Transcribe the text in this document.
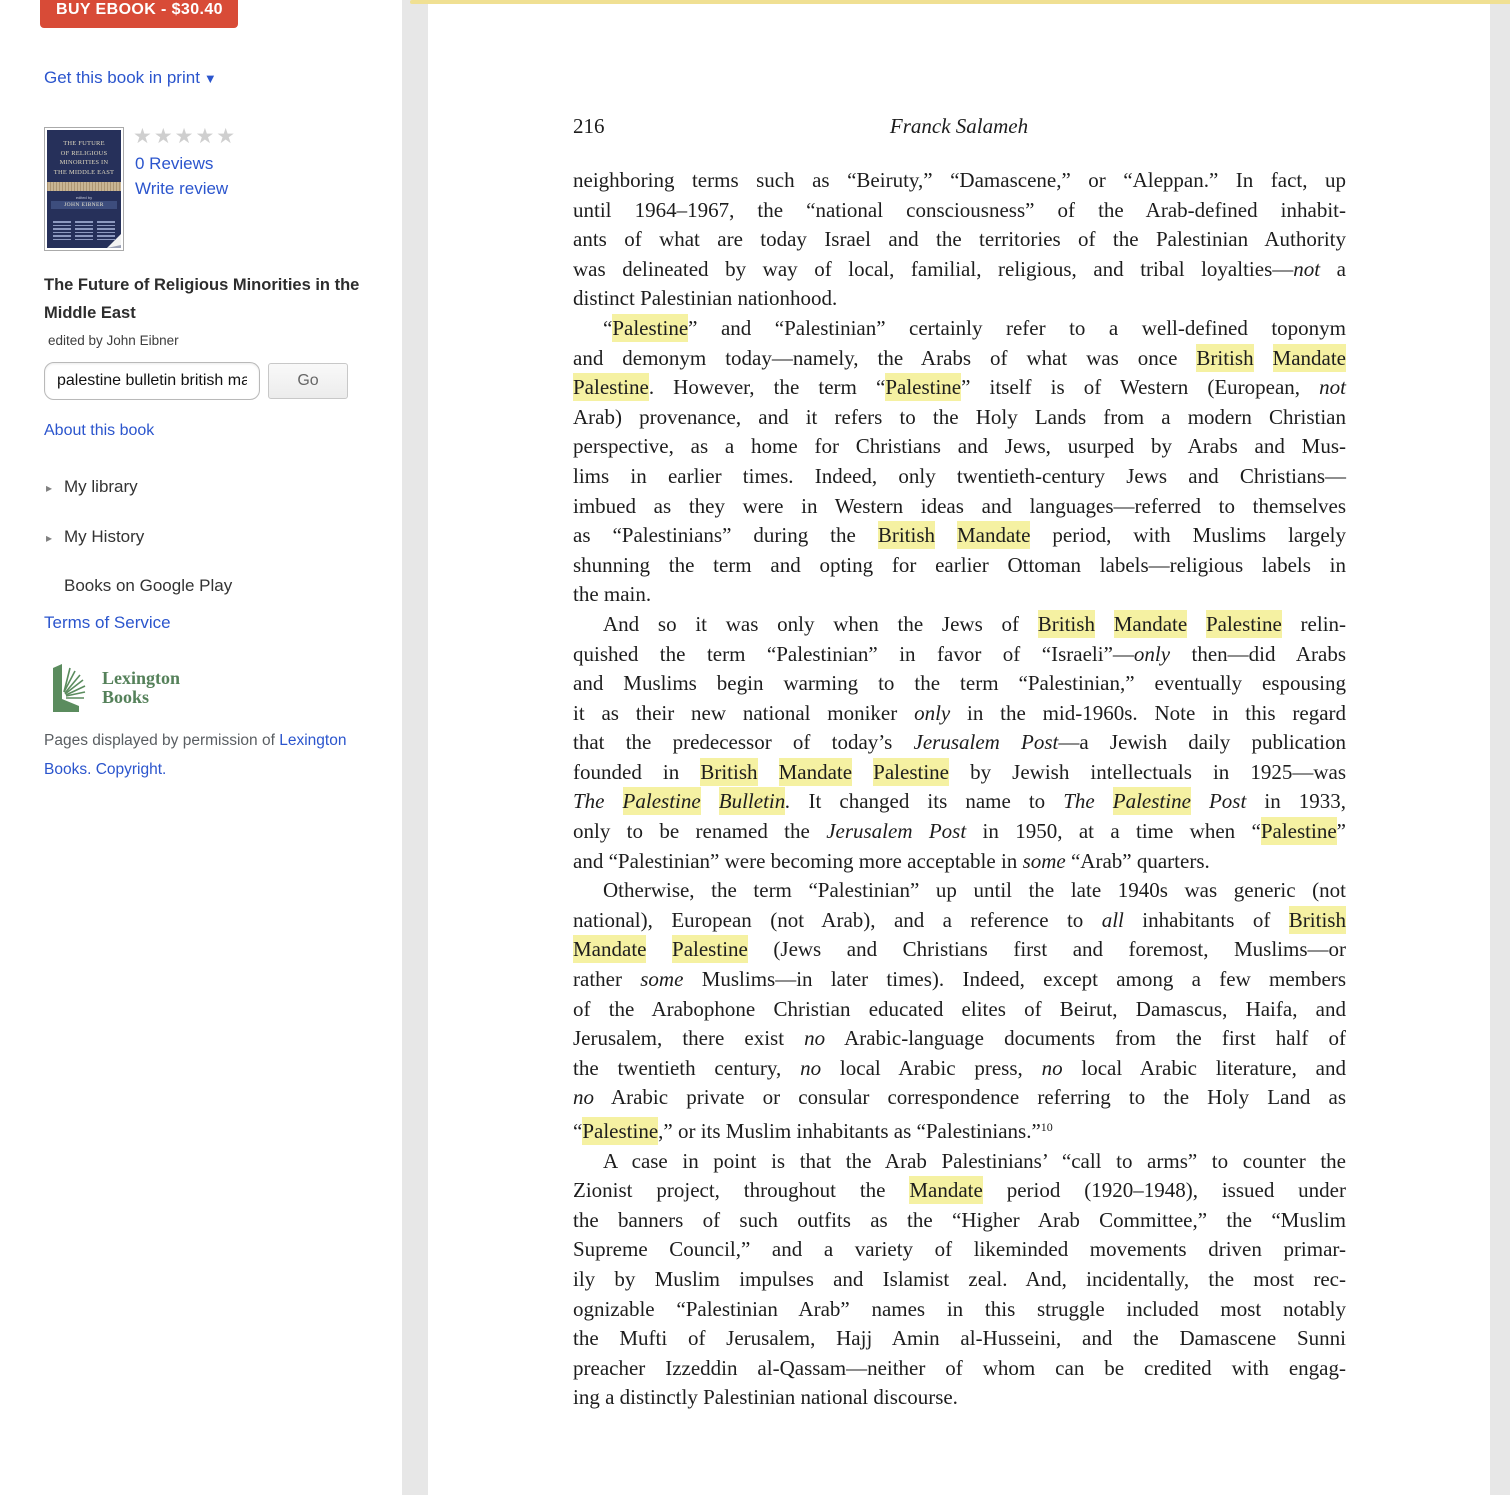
BUY EBOOK - $30.40
Get this book in print ▼
THE FUTURE
OF RELIGIOUS
MINORITIES IN
THE MIDDLE EAST
edited by
JOHN EIBNER
★★★★★
0 Reviews
Write review
The Future of Religious Minorities in the Middle East
edited by John Eibner
palestine bulletin british mandate
Go
About this book
▸ My library
▸ My History
Books on Google Play
Terms of Service
Lexington
Books
Pages displayed by permission of Lexington Books. Copyright.
216	Franck Salameh
neighboring terms such as “Beiruty,” “Damascene,” or “Aleppan.” In fact, up
until 1964–1967, the “national consciousness” of the Arab-defined inhabit-
ants of what are today Israel and the territories of the Palestinian Authority
was delineated by way of local, familial, religious, and tribal loyalties—not a
distinct Palestinian nationhood.
“Palestine” and “Palestinian” certainly refer to a well-defined toponym
and demonym today—namely, the Arabs of what was once British Mandate
Palestine. However, the term “Palestine” itself is of Western (European, not
Arab) provenance, and it refers to the Holy Lands from a modern Christian
perspective, as a home for Christians and Jews, usurped by Arabs and Mus-
lims in earlier times. Indeed, only twentieth-century Jews and Christians—
imbued as they were in Western ideas and languages—referred to themselves
as “Palestinians” during the British Mandate period, with Muslims largely
shunning the term and opting for earlier Ottoman labels—religious labels in
the main.
And so it was only when the Jews of British Mandate Palestine relin-
quished the term “Palestinian” in favor of “Israeli”—only then—did Arabs
and Muslims begin warming to the term “Palestinian,” eventually espousing
it as their new national moniker only in the mid-1960s. Note in this regard
that the predecessor of today’s Jerusalem Post—a Jewish daily publication
founded in British Mandate Palestine by Jewish intellectuals in 1925—was
The Palestine Bulletin. It changed its name to The Palestine Post in 1933,
only to be renamed the Jerusalem Post in 1950, at a time when “Palestine”
and “Palestinian” were becoming more acceptable in some “Arab” quarters.
Otherwise, the term “Palestinian” up until the late 1940s was generic (not
national), European (not Arab), and a reference to all inhabitants of British
Mandate Palestine (Jews and Christians first and foremost, Muslims—or
rather some Muslims—in later times). Indeed, except among a few members
of the Arabophone Christian educated elites of Beirut, Damascus, Haifa, and
Jerusalem, there exist no Arabic-language documents from the first half of
the twentieth century, no local Arabic press, no local Arabic literature, and
no Arabic private or consular correspondence referring to the Holy Land as
“Palestine,” or its Muslim inhabitants as “Palestinians.”$^{10}$
A case in point is that the Arab Palestinians’ “call to arms” to counter the
Zionist project, throughout the Mandate period (1920–1948), issued under
the banners of such outfits as the “Higher Arab Committee,” the “Muslim
Supreme Council,” and a variety of likeminded movements driven primar-
ily by Muslim impulses and Islamist zeal. And, incidentally, the most rec-
ognizable “Palestinian Arab” names in this struggle included most notably
the Mufti of Jerusalem, Hajj Amin al-Husseini, and the Damascene Sunni
preacher Izzeddin al-Qassam—neither of whom can be credited with engag-
ing a distinctly Palestinian national discourse.
